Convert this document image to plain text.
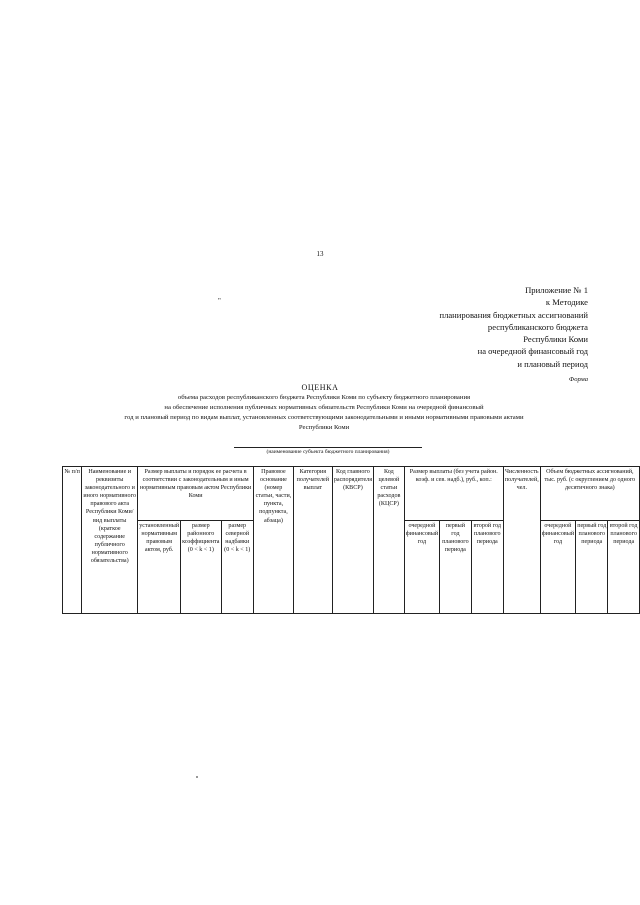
13
Приложение № 1
к Методике
планирования бюджетных ассигнований
республиканского бюджета
Республики Коми
на очередной финансовый год
и плановый период
"
Форма
ОЦЕНКА
объема расходов республиканского бюджета Республики Коми по субъекту бюджетного планирования
на обеспечение исполнения публичных нормативных обязательств Республики Коми на очередной финансовый
год и плановый период по видам выплат, установленных соответствующими законодательными и иными нормативными правовыми актами
Республики Коми
(наименование субъекта бюджетного планирования)
№ п/п	Наименование и реквизиты законодательного и иного нормативного правового акта Республики Коми/вид выплаты (краткое содержание публичного нормативного обязательства)	Размер выплаты и порядок ее расчета в соответствии с законодательным и иным нормативным правовым актом Республики Коми			Правовое основание (номер статьи, части, пункта, подпункта, абзаца)	Категория получателей выплат	Код главного распорядителя (КВСР)	Код целевой статьи расходов (КЦСР)	Размер выплаты (без учета район. коэф. и сев. надб.), руб., коп.:			Численность получателей, чел.	Объем бюджетных ассигнований, тыс. руб. (с округлением до одного десятичного знака)		
		установленный нормативным правовым актом, руб.	размер районного коэффициента (0 < k < 1)	размер северной надбавки (0 < k < 1)					очередной финансовый год	первый год планового периода	второй год планового периода		очередной финансовый год	первый год планового периода	второй год планового периода
